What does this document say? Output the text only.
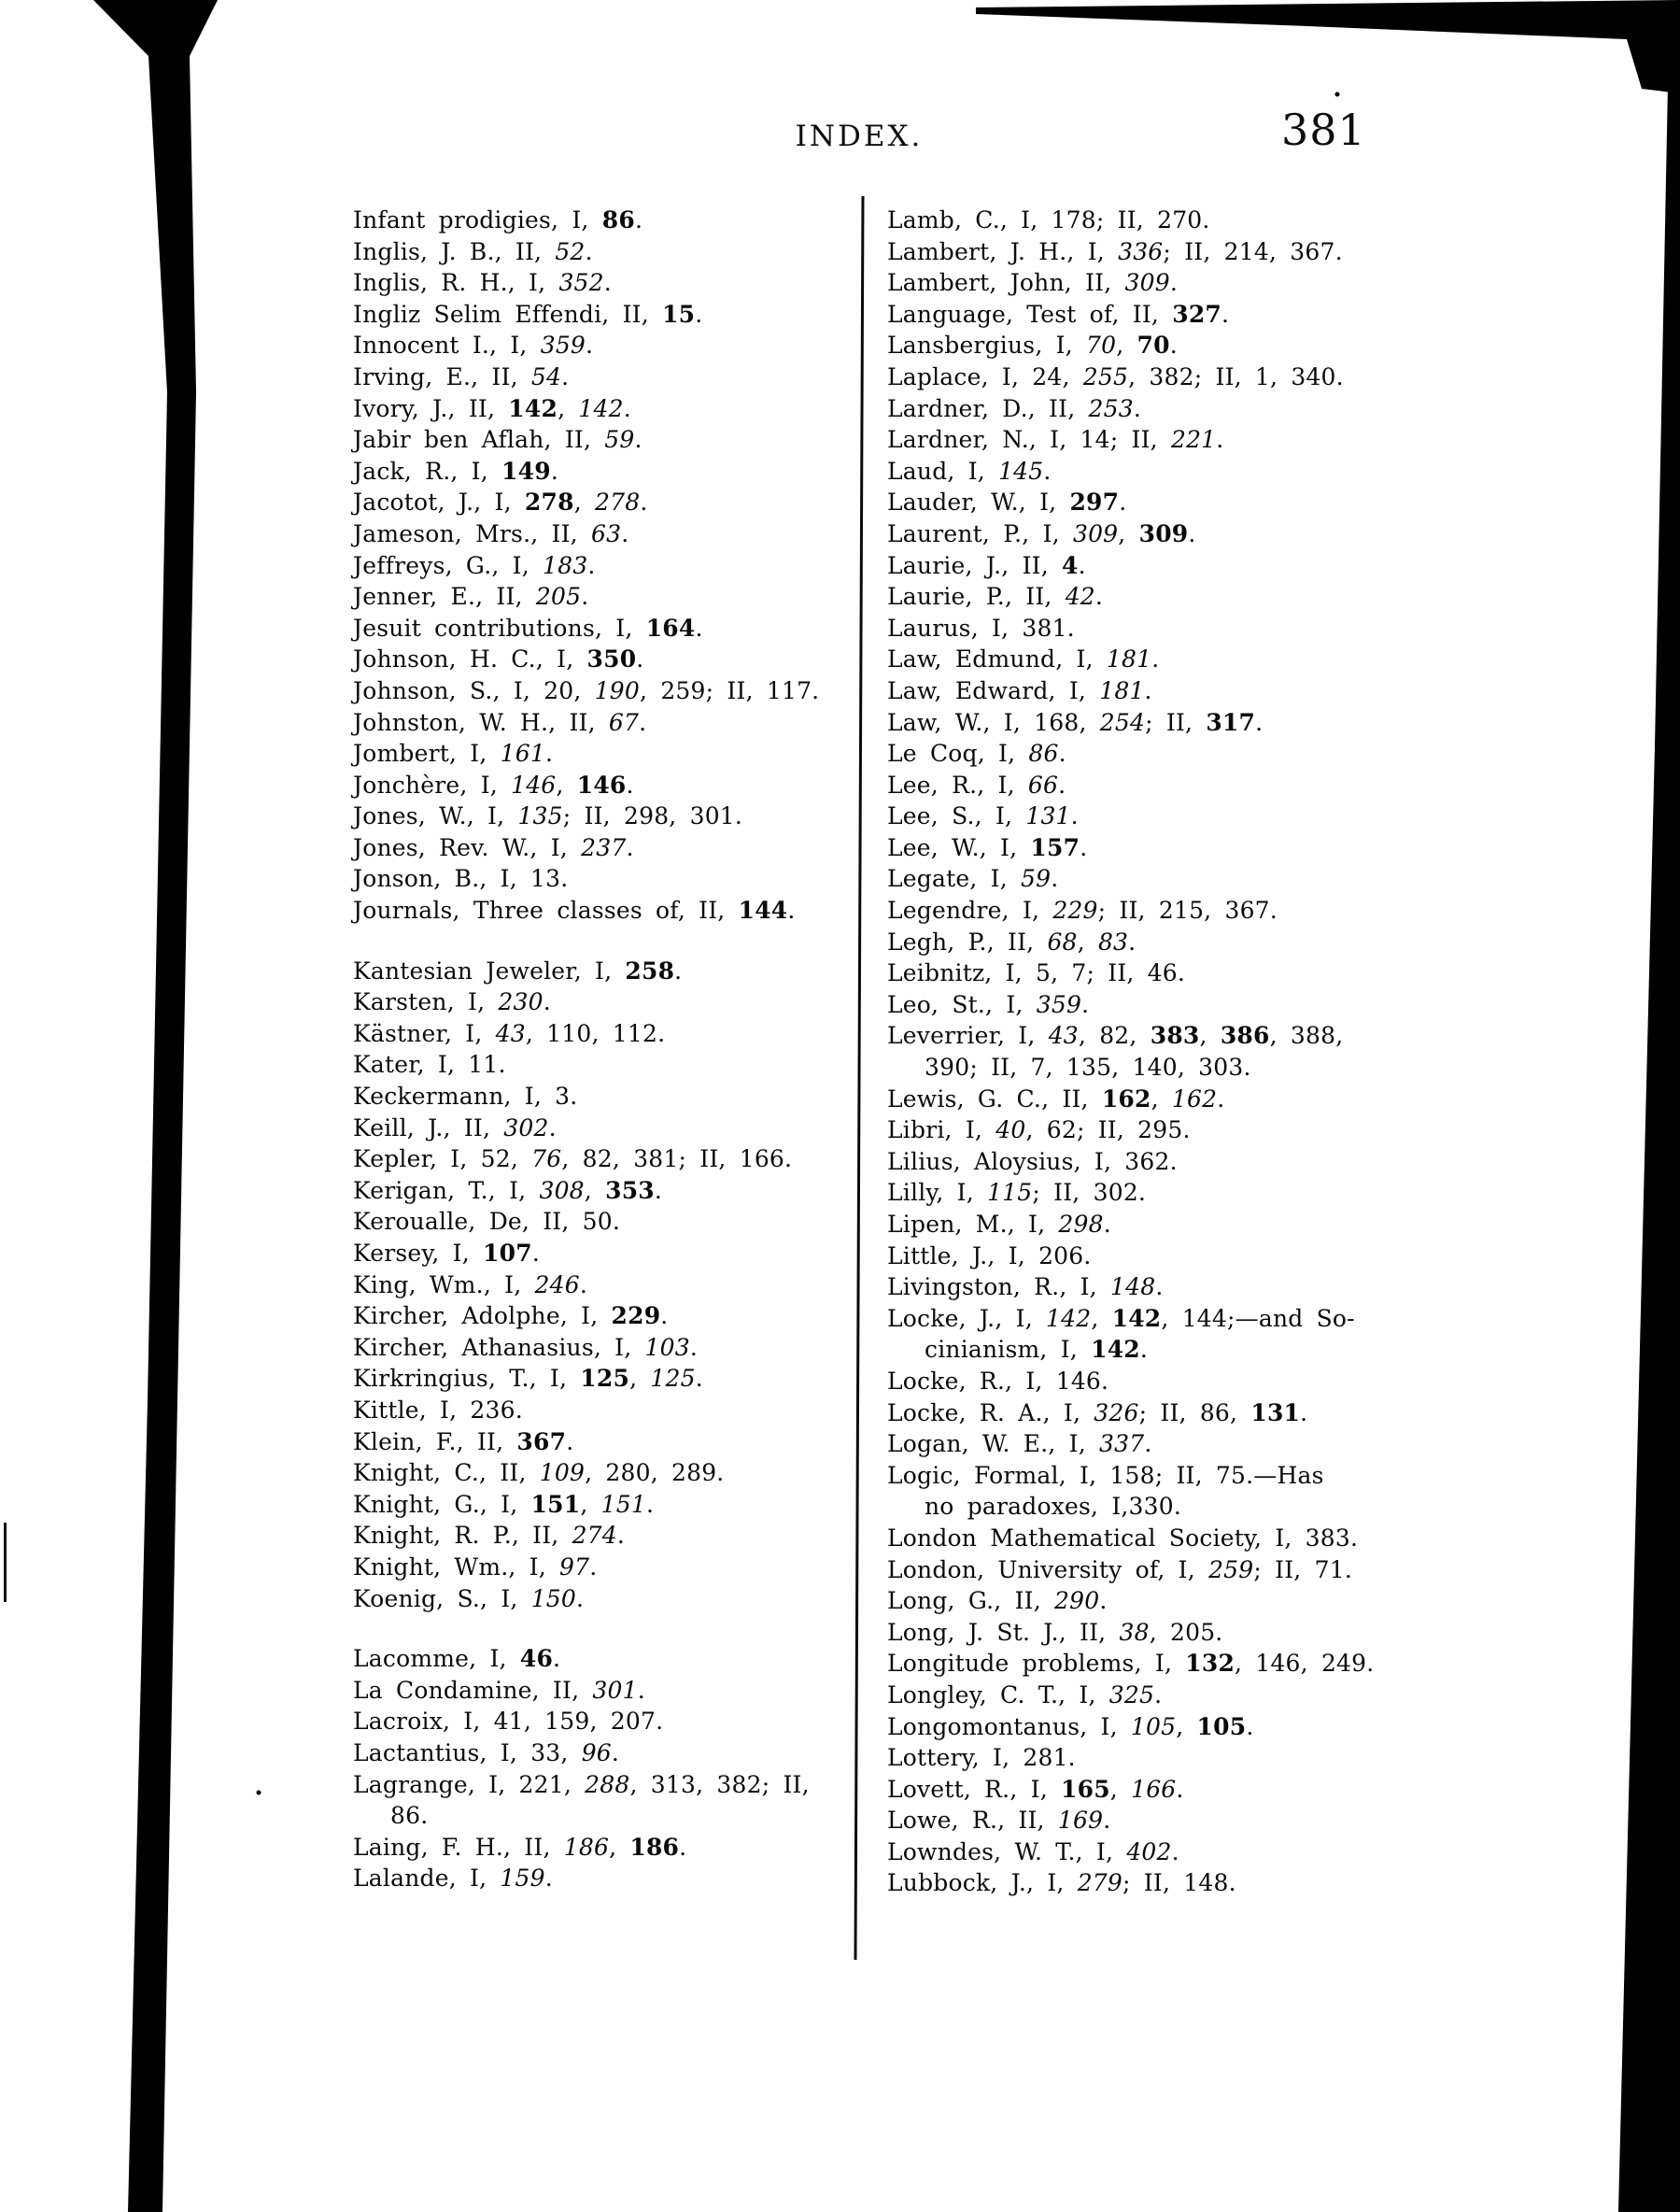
INDEX.	381
Infant prodigies, I, 86.
Inglis, J. B., II, 52.
Inglis, R. H., I, 352.
Ingliz Selim Effendi, II, 15.
Innocent I., I, 359.
Irving, E., II, 54.
Ivory, J., II, 142, 142.
Jabir ben Aflah, II, 59.
Jack, R., I, 149.
Jacotot, J., I, 278, 278.
Jameson, Mrs., II, 63.
Jeffreys, G., I, 183.
Jenner, E., II, 205.
Jesuit contributions, I, 164.
Johnson, H. C., I, 350.
Johnson, S., I, 20, 190, 259; II, 117.
Johnston, W. H., II, 67.
Jombert, I, 161.
Jonchère, I, 146, 146.
Jones, W., I, 135; II, 298, 301.
Jones, Rev. W., I, 237.
Jonson, B., I, 13.
Journals, Three classes of, II, 144.
Kantesian Jeweler, I, 258.
Karsten, I, 230.
Kästner, I, 43, 110, 112.
Kater, I, 11.
Keckermann, I, 3.
Keill, J., II, 302.
Kepler, I, 52, 76, 82, 381; II, 166.
Kerigan, T., I, 308, 353.
Keroualle, De, II, 50.
Kersey, I, 107.
King, Wm., I, 246.
Kircher, Adolphe, I, 229.
Kircher, Athanasius, I, 103.
Kirkringius, T., I, 125, 125.
Kittle, I, 236.
Klein, F., II, 367.
Knight, C., II, 109, 280, 289.
Knight, G., I, 151, 151.
Knight, R. P., II, 274.
Knight, Wm., I, 97.
Koenig, S., I, 150.
Lacomme, I, 46.
La Condamine, II, 301.
Lacroix, I, 41, 159, 207.
Lactantius, I, 33, 96.
Lagrange, I, 221, 288, 313, 382; II,
86.
Laing, F. H., II, 186, 186.
Lalande, I, 159.
Lamb, C., I, 178; II, 270.
Lambert, J. H., I, 336; II, 214, 367.
Lambert, John, II, 309.
Language, Test of, II, 327.
Lansbergius, I, 70, 70.
Laplace, I, 24, 255, 382; II, 1, 340.
Lardner, D., II, 253.
Lardner, N., I, 14; II, 221.
Laud, I, 145.
Lauder, W., I, 297.
Laurent, P., I, 309, 309.
Laurie, J., II, 4.
Laurie, P., II, 42.
Laurus, I, 381.
Law, Edmund, I, 181.
Law, Edward, I, 181.
Law, W., I, 168, 254; II, 317.
Le Coq, I, 86.
Lee, R., I, 66.
Lee, S., I, 131.
Lee, W., I, 157.
Legate, I, 59.
Legendre, I, 229; II, 215, 367.
Legh, P., II, 68, 83.
Leibnitz, I, 5, 7; II, 46.
Leo, St., I, 359.
Leverrier, I, 43, 82, 383, 386, 388,
390; II, 7, 135, 140, 303.
Lewis, G. C., II, 162, 162.
Libri, I, 40, 62; II, 295.
Lilius, Aloysius, I, 362.
Lilly, I, 115; II, 302.
Lipen, M., I, 298.
Little, J., I, 206.
Livingston, R., I, 148.
Locke, J., I, 142, 142, 144;—and So-
cinianism, I, 142.
Locke, R., I, 146.
Locke, R. A., I, 326; II, 86, 131.
Logan, W. E., I, 337.
Logic, Formal, I, 158; II, 75.—Has
no paradoxes, I,330.
London Mathematical Society, I, 383.
London, University of, I, 259; II, 71.
Long, G., II, 290.
Long, J. St. J., II, 38, 205.
Longitude problems, I, 132, 146, 249.
Longley, C. T., I, 325.
Longomontanus, I, 105, 105.
Lottery, I, 281.
Lovett, R., I, 165, 166.
Lowe, R., II, 169.
Lowndes, W. T., I, 402.
Lubbock, J., I, 279; II, 148.
